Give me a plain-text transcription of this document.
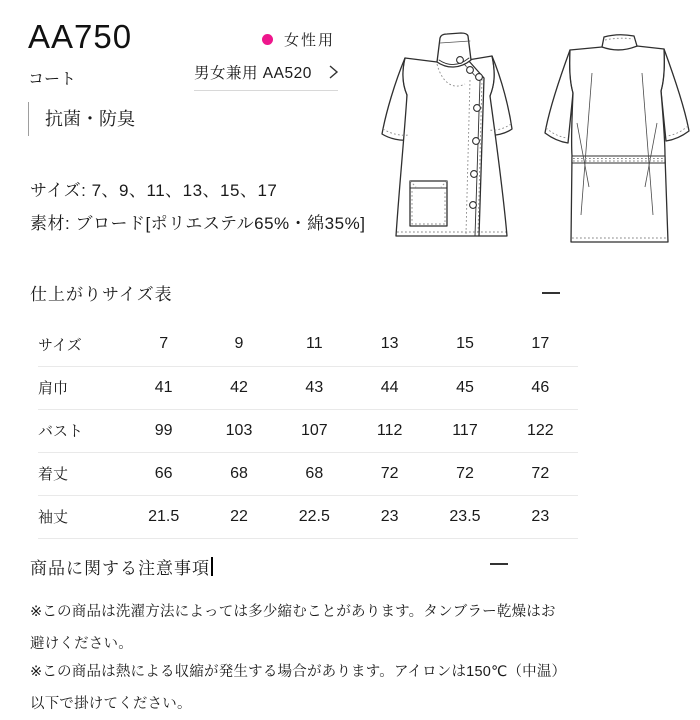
AA750
コート
抗菌・防臭
女性用
男女兼用 AA520
サイズ: 7、9、11、13、15、17
素材: ブロード[ポリエステル65%・綿35%]
仕上がりサイズ表
サイズ	7	9	11	13	15	17
肩巾	41	42	43	44	45	46
バスト	99	103	107	112	117	122
着丈	66	68	68	72	72	72
袖丈	21.5	22	22.5	23	23.5	23
商品に関する注意事項
※この商品は洗濯方法によっては多少縮むことがあります。タンブラー乾燥はお
避けください。
※この商品は熱による収縮が発生する場合があります。アイロンは150℃（中温）
以下で掛けてください。
